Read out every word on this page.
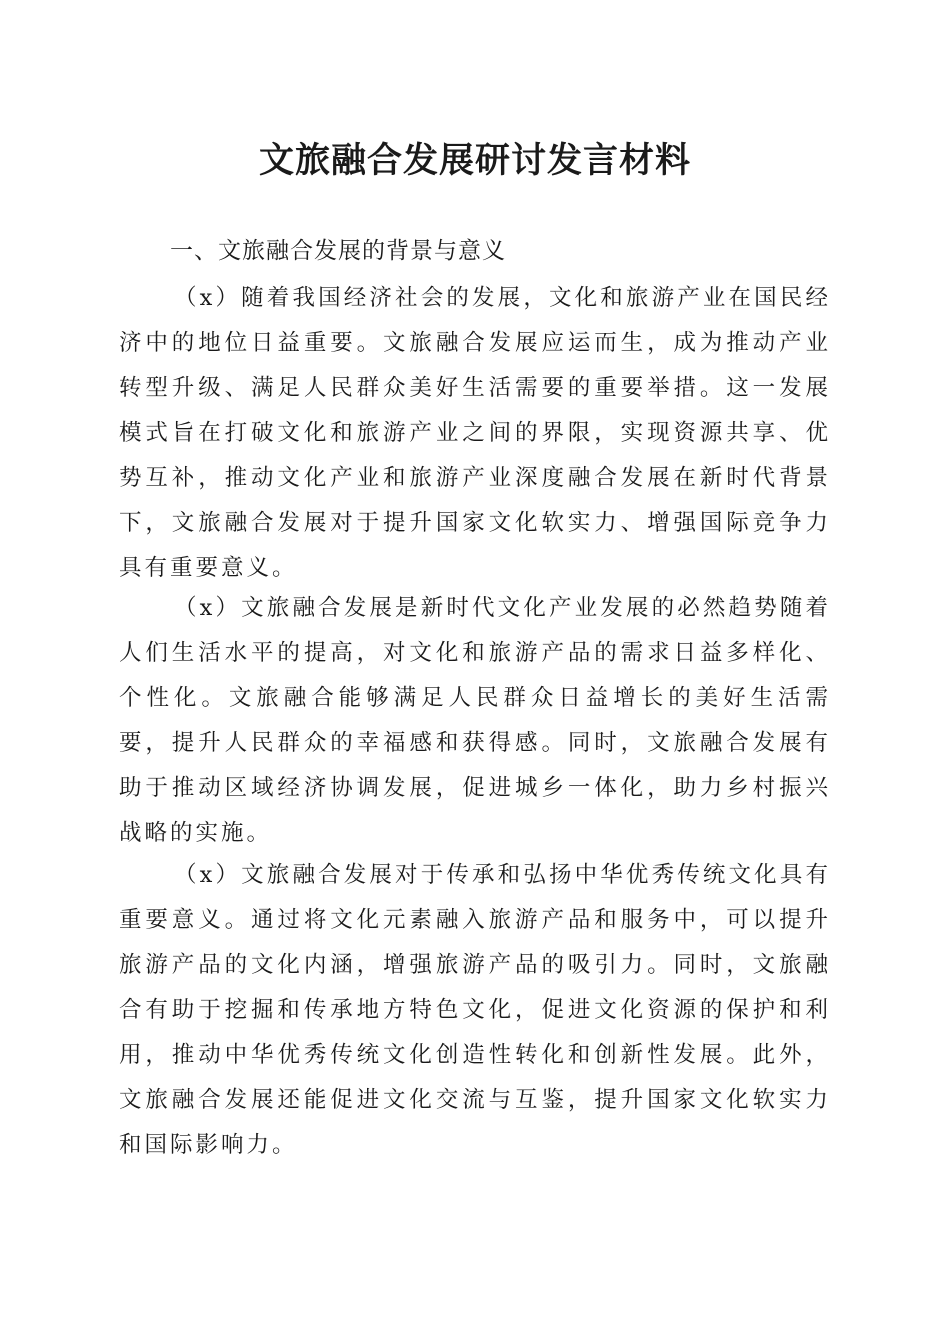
文旅融合发展研讨发言材料
一、文旅融合发展的背景与意义

（x）随着我国经济社会的发展，文化和旅游产业在国民经济中的地位日益重要。文旅融合发展应运而生，成为推动产业转型升级、满足人民群众美好生活需要的重要举措。这一发展模式旨在打破文化和旅游产业之间的界限，实现资源共享、优势互补，推动文化产业和旅游产业深度融合发展在新时代背景下，文旅融合发展对于提升国家文化软实力、增强国际竞争力具有重要意义。

（x）文旅融合发展是新时代文化产业发展的必然趋势随着人们生活水平的提高，对文化和旅游产品的需求日益多样化、个性化。文旅融合能够满足人民群众日益增长的美好生活需要，提升人民群众的幸福感和获得感。同时，文旅融合发展有助于推动区域经济协调发展，促进城乡一体化，助力乡村振兴战略的实施。

（x）文旅融合发展对于传承和弘扬中华优秀传统文化具有重要意义。通过将文化元素融入旅游产品和服务中，可以提升旅游产品的文化内涵，增强旅游产品的吸引力。同时，文旅融合有助于挖掘和传承地方特色文化，促进文化资源的保护和利用，推动中华优秀传统文化创造性转化和创新性发展。此外，文旅融合发展还能促进文化交流与互鉴，提升国家文化软实力和国际影响力。
